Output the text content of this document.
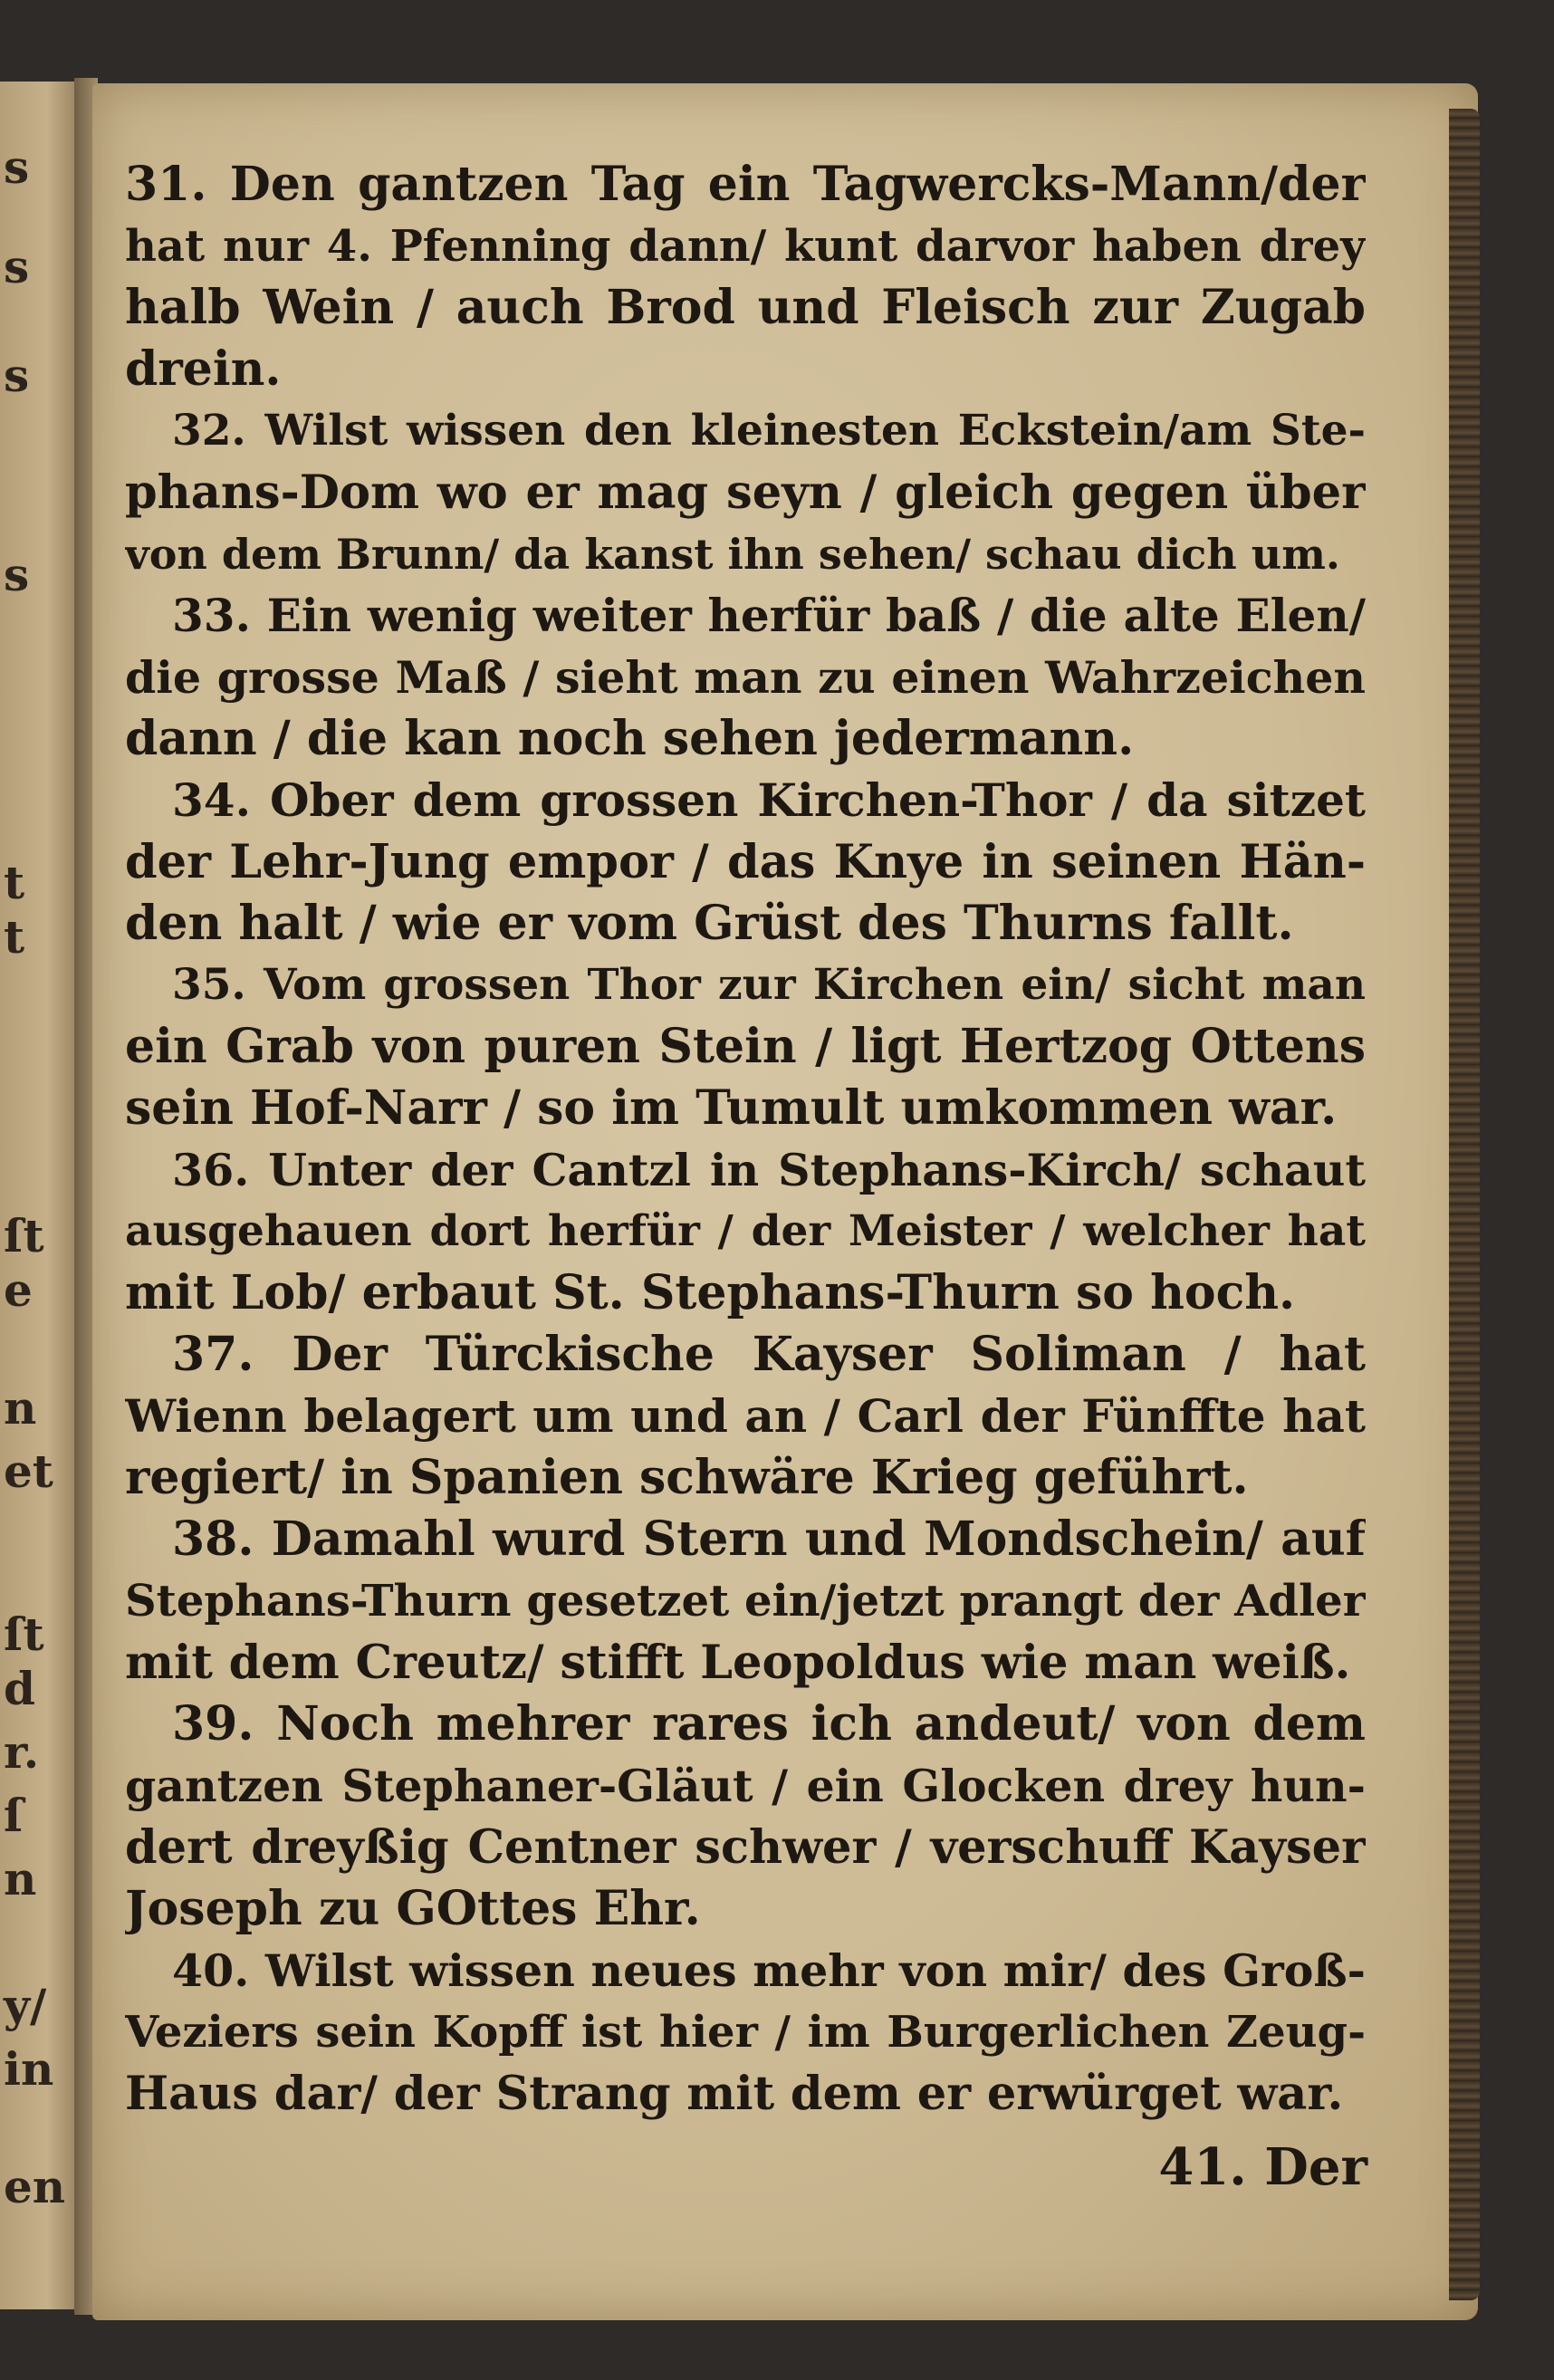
s
s
s
s
t
t
ſt
e
n
et
ſt
d
r.
ſ
n
y/
in
en
31. Den gantzen Tag ein Tagwercks-Mann/der
hat nur 4. Pfenning dann/ kunt darvor haben drey
halb Wein / auch Brod und Fleisch zur Zugab
drein.
32. Wilst wissen den kleinesten Eckstein/am Ste-
phans-Dom wo er mag seyn / gleich gegen über
von dem Brunn/ da kanst ihn sehen/ schau dich um.
33. Ein wenig weiter herfür baß / die alte Elen/
die grosse Maß / sieht man zu einen Wahrzeichen
dann / die kan noch sehen jedermann.
34. Ober dem grossen Kirchen-Thor / da sitzet
der Lehr-Jung empor / das Knye in seinen Hän-
den halt / wie er vom Grüst des Thurns fallt.
35. Vom grossen Thor zur Kirchen ein/ sicht man
ein Grab von puren Stein / ligt Hertzog Ottens
sein Hof-Narr / so im Tumult umkommen war.
36. Unter der Cantzl in Stephans-Kirch/ schaut
ausgehauen dort herfür / der Meister / welcher hat
mit Lob/ erbaut St. Stephans-Thurn so hoch.
37. Der Türckische Kayser Soliman / hat
Wienn belagert um und an / Carl der Fünffte hat
regiert/ in Spanien schwäre Krieg geführt.
38. Damahl wurd Stern und Mondschein/ auf
Stephans-Thurn gesetzet ein/jetzt prangt der Adler
mit dem Creutz/ stifft Leopoldus wie man weiß.
39. Noch mehrer rares ich andeut/ von dem
gantzen Stephaner-Gläut / ein Glocken drey hun-
dert dreyßig Centner schwer / verschuff Kayser
Joseph zu GOttes Ehr.
40. Wilst wissen neues mehr von mir/ des Groß-
Veziers sein Kopff ist hier / im Burgerlichen Zeug-
Haus dar/ der Strang mit dem er erwürget war.
41. Der
